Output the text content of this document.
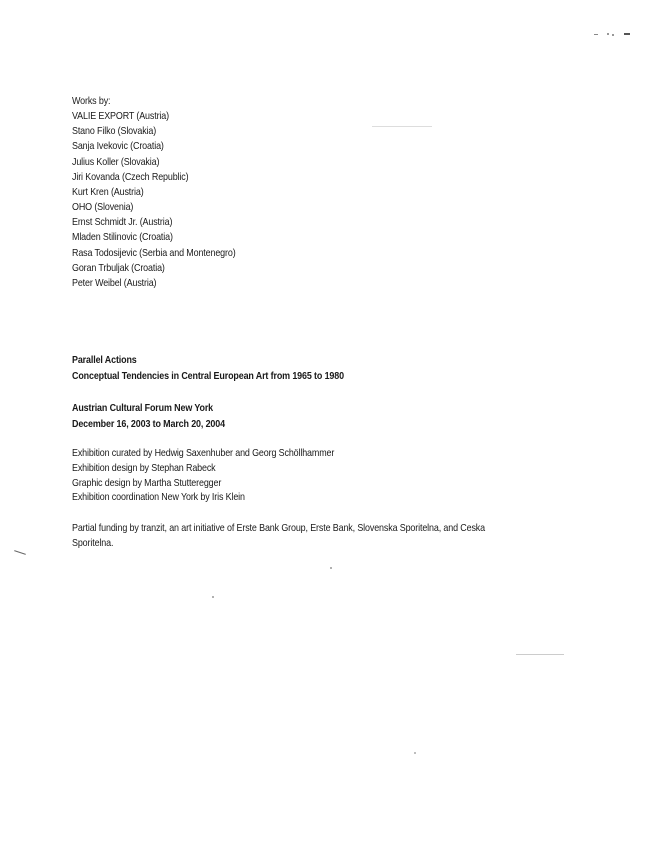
Works by:
VALIE EXPORT (Austria)
Stano Filko (Slovakia)
Sanja Ivekovic (Croatia)
Julius Koller (Slovakia)
Jiri Kovanda (Czech Republic)
Kurt Kren (Austria)
OHO (Slovenia)
Ernst Schmidt Jr. (Austria)
Mladen Stilinovic (Croatia)
Rasa Todosijevic (Serbia and Montenegro)
Goran Trbuljak (Croatia)
Peter Weibel (Austria)
Parallel Actions
Conceptual Tendencies in Central European Art from 1965 to 1980
Austrian Cultural Forum New York
December 16, 2003 to March 20, 2004
Exhibition curated by Hedwig Saxenhuber and Georg Schöllhammer
Exhibition design by Stephan Rabeck
Graphic design by Martha Stutteregger
Exhibition coordination New York by Iris Klein
Partial funding by tranzit, an art initiative of Erste Bank Group, Erste Bank, Slovenska Sporitelna, and Ceska
Sporitelna.
